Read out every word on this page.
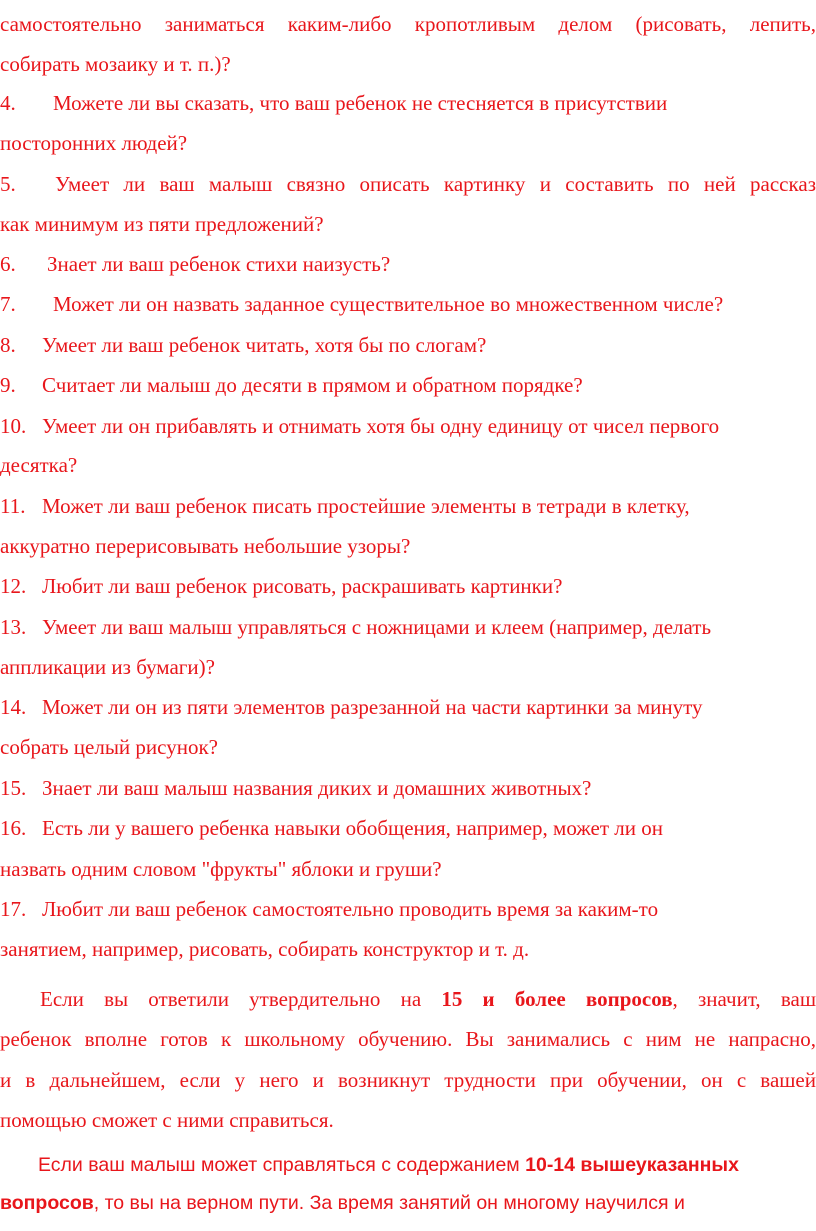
самостоятельно заниматься каким-либо кропотливым делом (рисовать, лепить,
собирать мозаику и т. п.)?
4. Можете ли вы сказать, что ваш ребенок не стесняется в присутствии
посторонних людей?
5. Умеет ли ваш малыш связно описать картинку и составить по ней рассказ
как минимум из пяти предложений?
6. Знает ли ваш ребенок стихи наизусть?
7. Может ли он назвать заданное существительное во множественном числе?
8. Умеет ли ваш ребенок читать, хотя бы по слогам?
9. Считает ли малыш до десяти в прямом и обратном порядке?
10. Умеет ли он прибавлять и отнимать хотя бы одну единицу от чисел первого
десятка?
11. Может ли ваш ребенок писать простейшие элементы в тетради в клетку,
аккуратно перерисовывать небольшие узоры?
12. Любит ли ваш ребенок рисовать, раскрашивать картинки?
13. Умеет ли ваш малыш управляться с ножницами и клеем (например, делать
аппликации из бумаги)?
14. Может ли он из пяти элементов разрезанной на части картинки за минуту
собрать целый рисунок?
15. Знает ли ваш малыш названия диких и домашних животных?
16. Есть ли у вашего ребенка навыки обобщения, например, может ли он
назвать одним словом "фрукты" яблоки и груши?
17. Любит ли ваш ребенок самостоятельно проводить время за каким-то
занятием, например, рисовать, собирать конструктор и т. д.
Если вы ответили утвердительно на 15 и более вопросов, значит, ваш
ребенок вполне готов к школьному обучению. Вы занимались с ним не напрасно,
и в дальнейшем, если у него и возникнут трудности при обучении, он с вашей
помощью сможет с ними справиться.
Если ваш малыш может справляться с содержанием 10-14 вышеуказанных
вопросов, то вы на верном пути. За время занятий он многому научился и
